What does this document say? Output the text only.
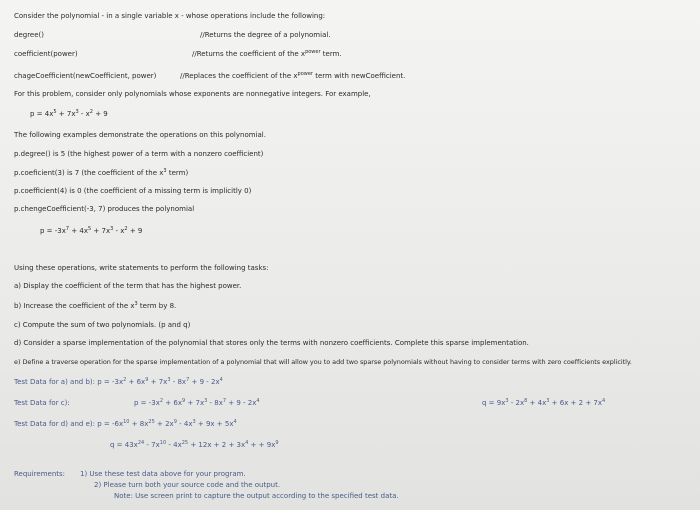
Consider the polynomial - in a single variable x - whose operations include the following:
degree()	//Returns the degree of a polynomial.
coefficient(power)	//Returns the coefficient of the $x^{power}$ term.
chageCoefficient(newCoefficient, power)	//Replaces the coefficient of the $x^{power}$ term with newCoefficient.
For this problem, consider only polynomials whose exponents are nonnegative integers. For example,
$p = 4x^5 + 7x^3 - x^2 + 9$
The following examples demonstrate the operations on this polynomial.
p.degree() is 5 (the highest power of a term with a nonzero coefficient)
p.coeficient(3) is 7 (the coefficient of the $x^3$ term)
p.coefficient(4) is 0 (the coefficient of a missing term is implicitly 0)
p.chengeCoefficient(-3, 7) produces the polynomial
$p = -3x^7 + 4x^5 + 7x^3 - x^2 + 9$
Using these operations, write statements to perform the following tasks:
a) Display the coefficient of the term that has the highest power.
b) Increase the coefficient of the $x^3$ term by 8.
c) Compute the sum of two polynomials. (p and q)
d) Consider a sparse implementation of the polynomial that stores only the terms with nonzero coefficients. Complete this sparse implementation.
e) Define a traverse operation for the sparse implementation of a polynomial that will allow you to add two sparse polynomials without having to consider terms with zero coefficients explicitly.
Test Data for a) and b): $p = -3x^2 + 6x^9 + 7x^3 - 8x^7 + 9 - 2x^4$
Test Data for c):	$p = -3x^2 + 6x^9 + 7x^3 - 8x^7 + 9 - 2x^4$	$q = 9x^3 - 2x^8 + 4x^3 + 6x + 2 + 7x^4$
Test Data for d) and e): $p = -6x^{10} + 8x^{25} + 2x^9 - 4x^3 + 9x + 5x^4$
$q = 43x^{24} - 7x^{10} - 4x^{25} + 12x + 2 + 3x^4$ + + $9x^9$
Requirements: 1) Use these test data above for your program.
2) Please turn both your source code and the output.
Note: Use screen print to capture the output according to the specified test data.
